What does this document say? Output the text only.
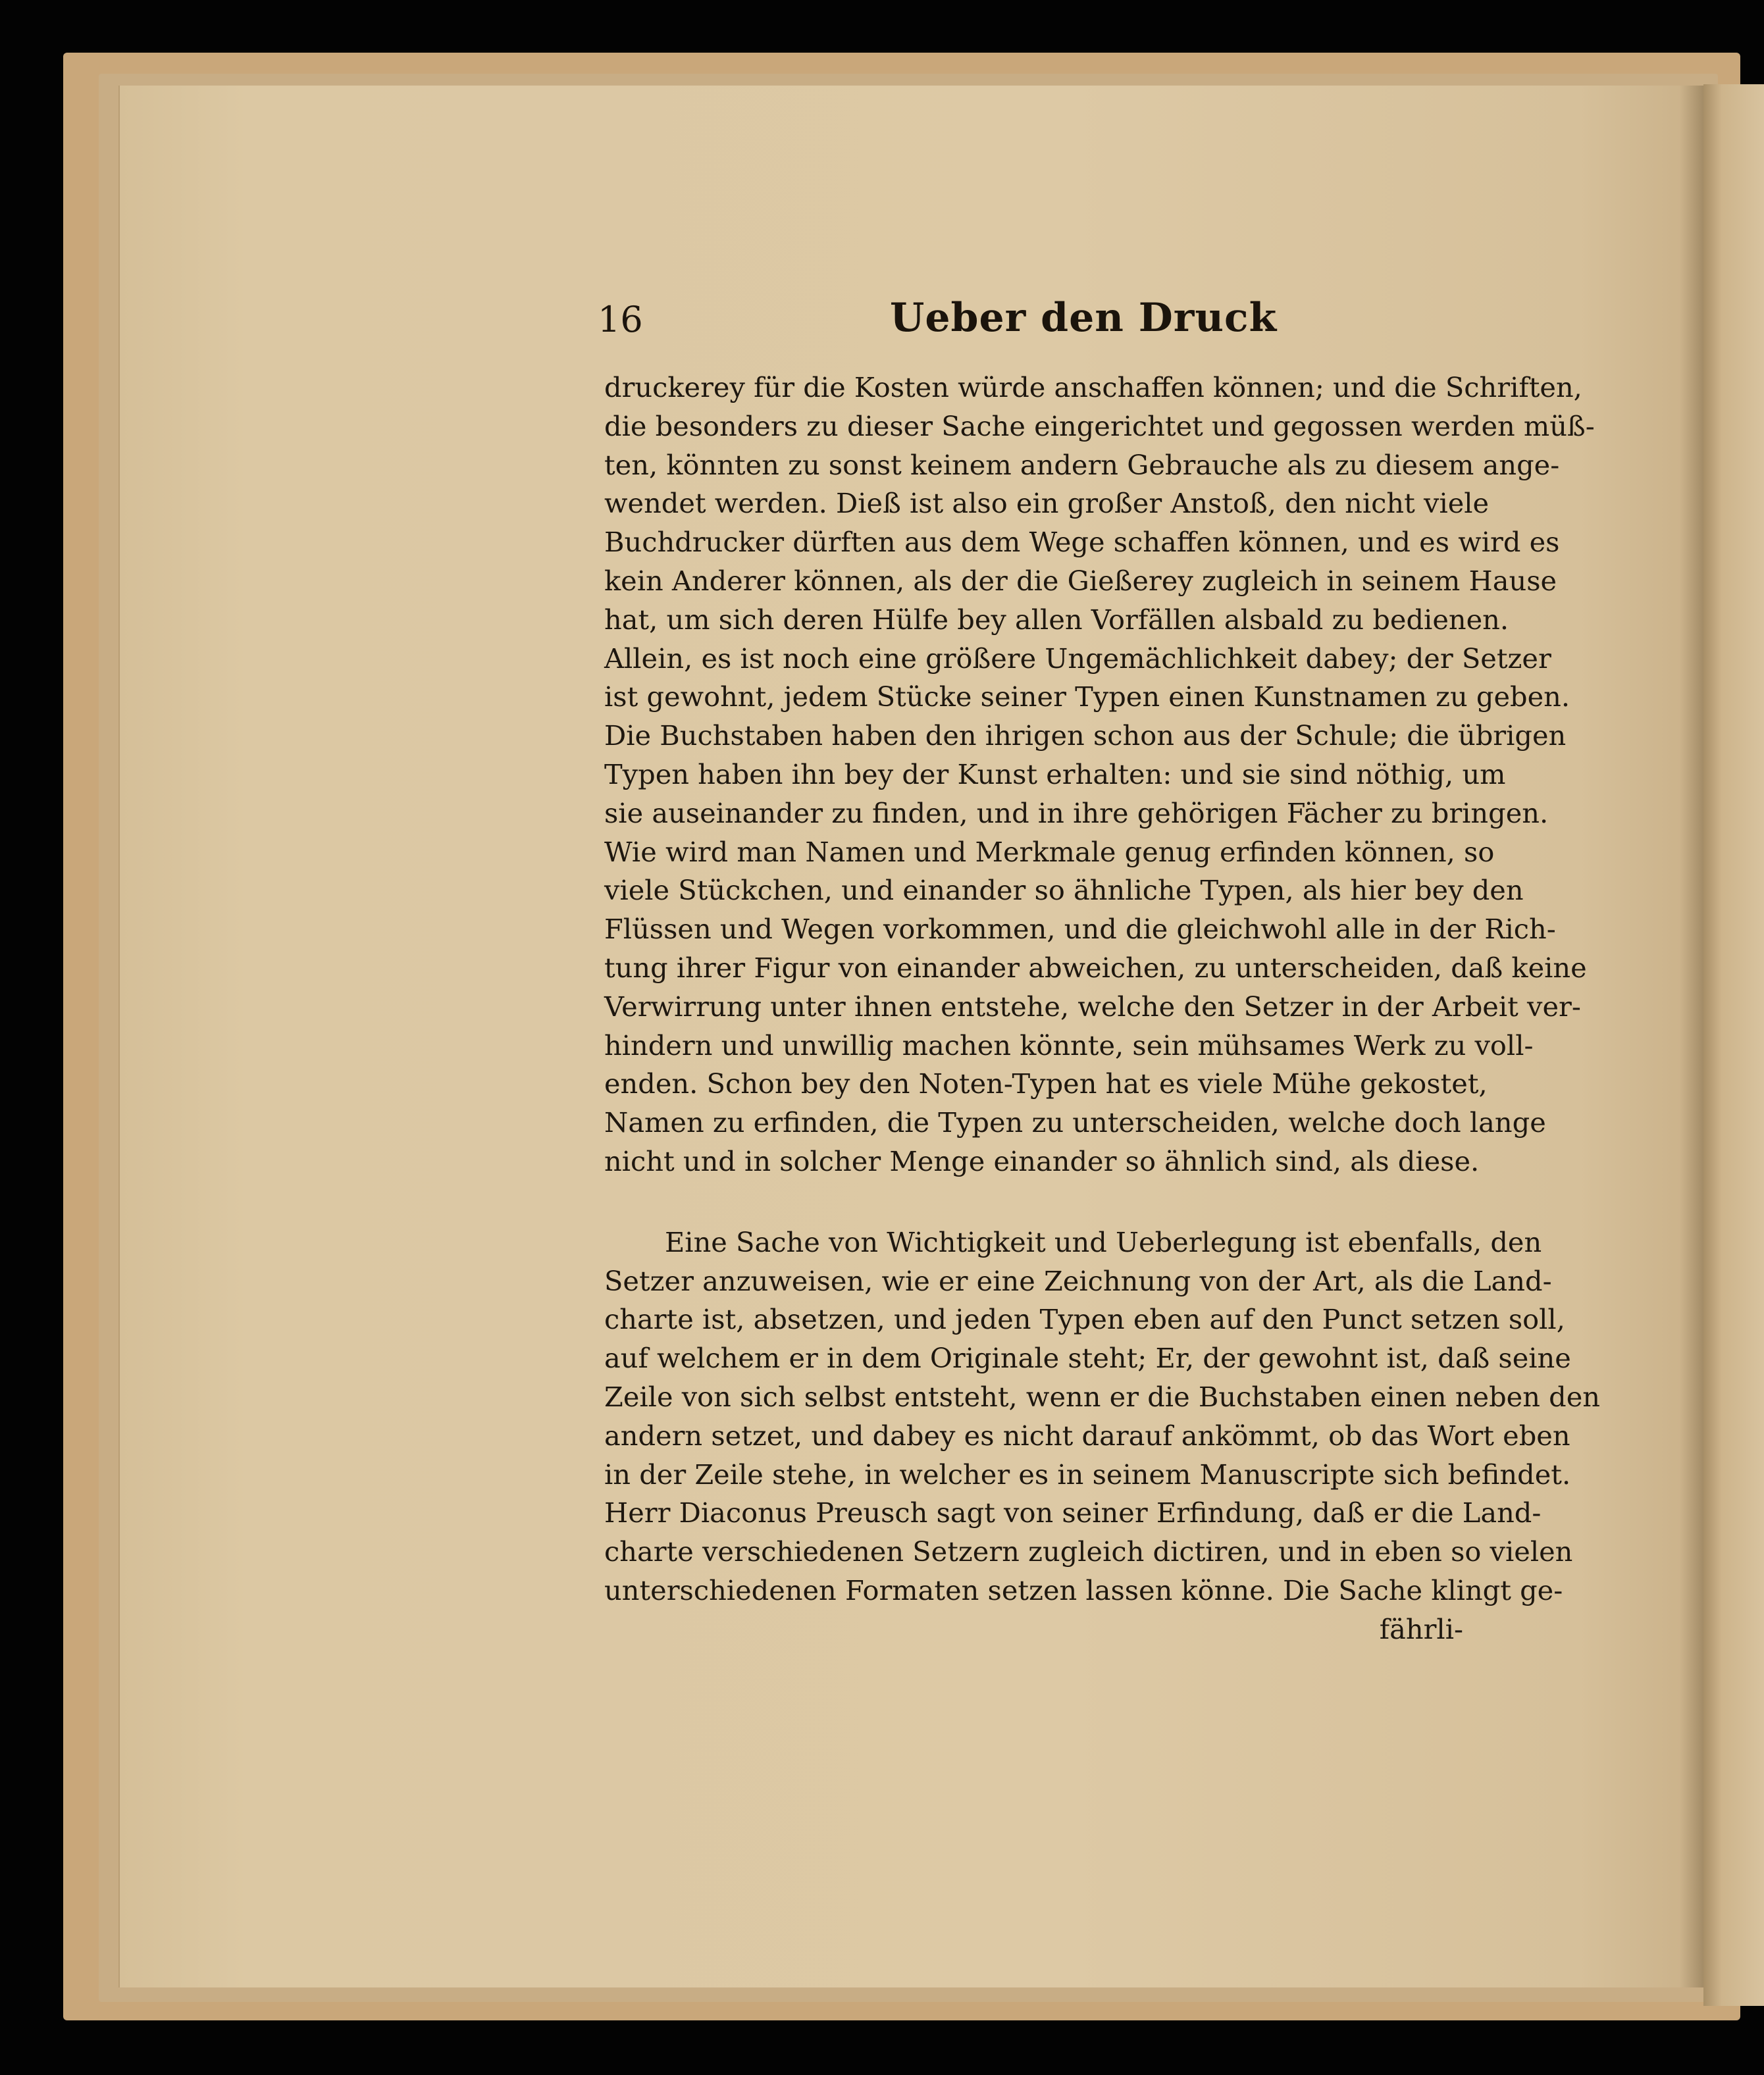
16	Ueber den Druck
druckerey für die Kosten würde anschaffen können; und die Schriften,
die besonders zu dieser Sache eingerichtet und gegossen werden müß-
ten, könnten zu sonst keinem andern Gebrauche als zu diesem ange-
wendet werden. Dieß ist also ein großer Anstoß, den nicht viele
Buchdrucker dürften aus dem Wege schaffen können, und es wird es
kein Anderer können, als der die Gießerey zugleich in seinem Hause
hat, um sich deren Hülfe bey allen Vorfällen alsbald zu bedienen.
Allein, es ist noch eine größere Ungemächlichkeit dabey; der Setzer
ist gewohnt, jedem Stücke seiner Typen einen Kunstnamen zu geben.
Die Buchstaben haben den ihrigen schon aus der Schule; die übrigen
Typen haben ihn bey der Kunst erhalten: und sie sind nöthig, um
sie auseinander zu finden, und in ihre gehörigen Fächer zu bringen.
Wie wird man Namen und Merkmale genug erfinden können, so
viele Stückchen, und einander so ähnliche Typen, als hier bey den
Flüssen und Wegen vorkommen, und die gleichwohl alle in der Rich-
tung ihrer Figur von einander abweichen, zu unterscheiden, daß keine
Verwirrung unter ihnen entstehe, welche den Setzer in der Arbeit ver-
hindern und unwillig machen könnte, sein mühsames Werk zu voll-
enden. Schon bey den Noten-Typen hat es viele Mühe gekostet,
Namen zu erfinden, die Typen zu unterscheiden, welche doch lange
nicht und in solcher Menge einander so ähnlich sind, als diese.
Eine Sache von Wichtigkeit und Ueberlegung ist ebenfalls, den
Setzer anzuweisen, wie er eine Zeichnung von der Art, als die Land-
charte ist, absetzen, und jeden Typen eben auf den Punct setzen soll,
auf welchem er in dem Originale steht; Er, der gewohnt ist, daß seine
Zeile von sich selbst entsteht, wenn er die Buchstaben einen neben den
andern setzet, und dabey es nicht darauf ankömmt, ob das Wort eben
in der Zeile stehe, in welcher es in seinem Manuscripte sich befindet.
Herr Diaconus Preusch sagt von seiner Erfindung, daß er die Land-
charte verschiedenen Setzern zugleich dictiren, und in eben so vielen
unterschiedenen Formaten setzen lassen könne. Die Sache klingt ge-
fährli-
